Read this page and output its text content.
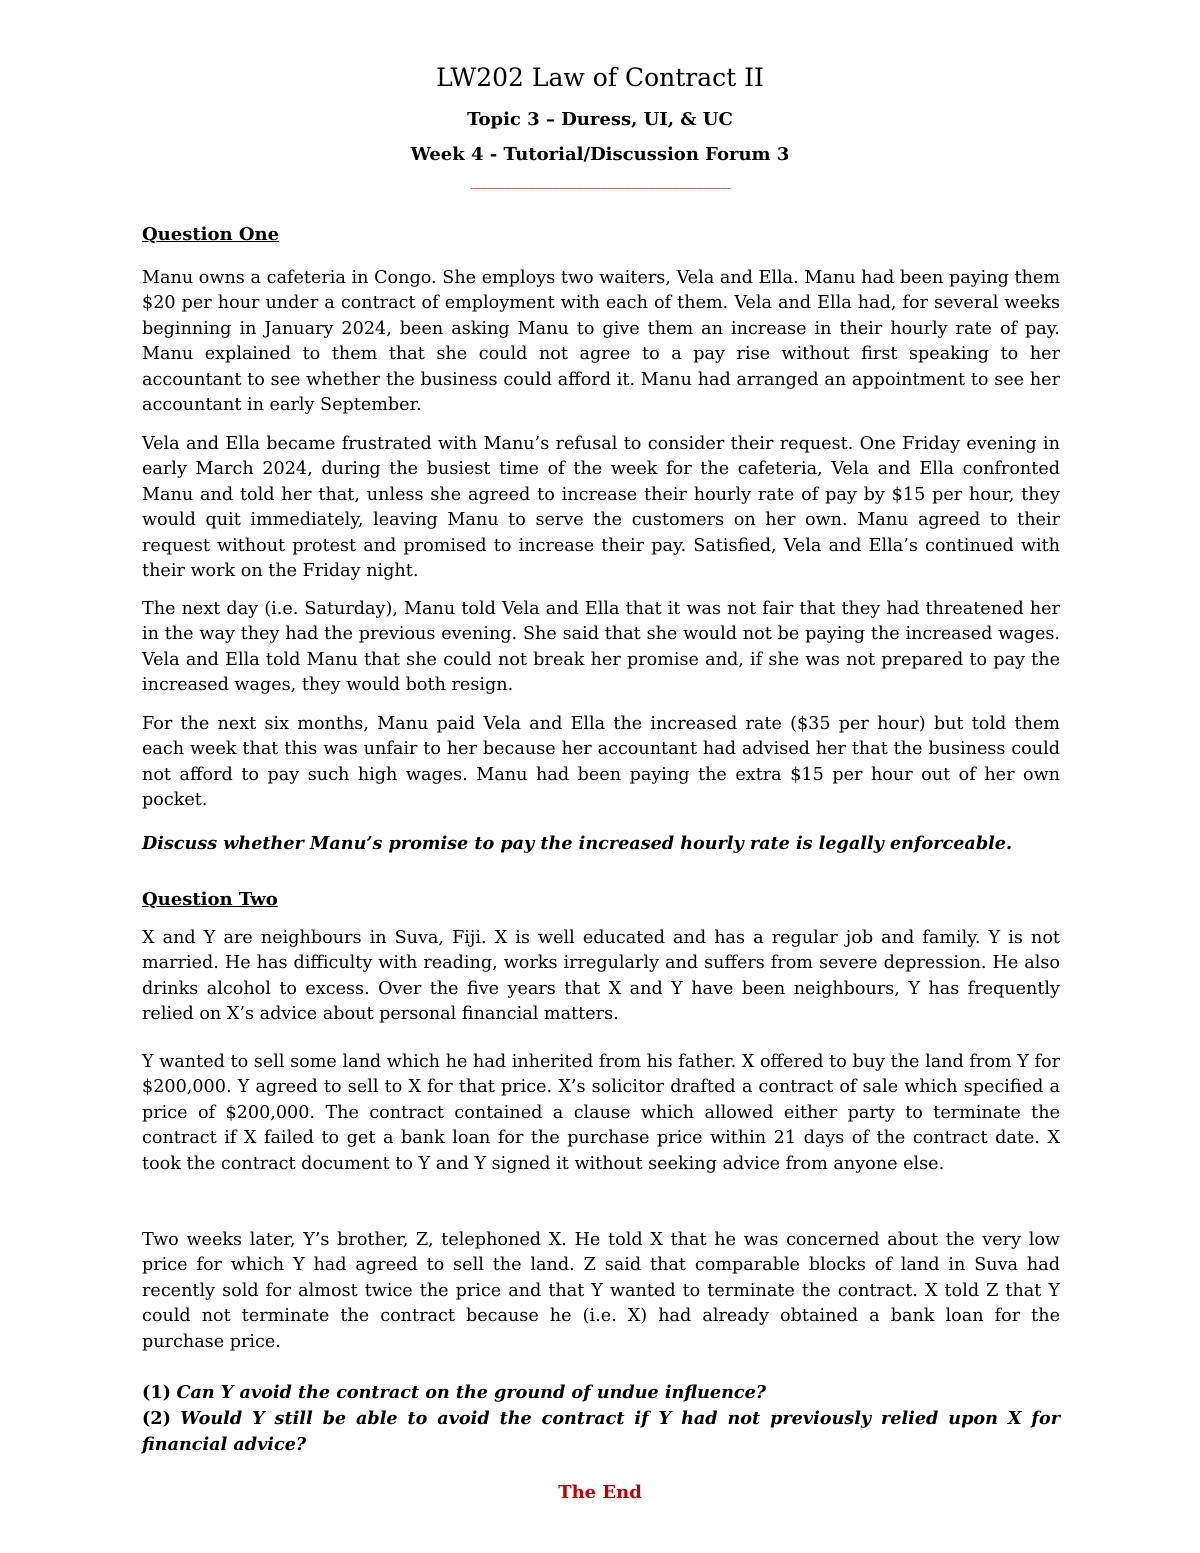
LW202 Law of Contract II
Topic 3 – Duress, UI, & UC
Week 4 - Tutorial/Discussion Forum 3
___________________________________________
Question One

Manu owns a cafeteria in Congo. She employs two waiters, Vela and Ella. Manu had been paying them $20 per hour under a contract of employment with each of them. Vela and Ella had, for several weeks beginning in January 2024, been asking Manu to give them an increase in their hourly rate of pay. Manu explained to them that she could not agree to a pay rise without first speaking to her accountant to see whether the business could afford it. Manu had arranged an appointment to see her accountant in early September.

Vela and Ella became frustrated with Manu’s refusal to consider their request. One Friday evening in early March 2024, during the busiest time of the week for the cafeteria, Vela and Ella confronted Manu and told her that, unless she agreed to increase their hourly rate of pay by $15 per hour, they would quit immediately, leaving Manu to serve the customers on her own. Manu agreed to their request without protest and promised to increase their pay. Satisfied, Vela and Ella’s continued with their work on the Friday night.

The next day (i.e. Saturday), Manu told Vela and Ella that it was not fair that they had threatened her in the way they had the previous evening. She said that she would not be paying the increased wages. Vela and Ella told Manu that she could not break her promise and, if she was not prepared to pay the increased wages, they would both resign.

For the next six months, Manu paid Vela and Ella the increased rate ($35 per hour) but told them each week that this was unfair to her because her accountant had advised her that the business could not afford to pay such high wages. Manu had been paying the extra $15 per hour out of her own pocket.

Discuss whether Manu’s promise to pay the increased hourly rate is legally enforceable.

Question Two

X and Y are neighbours in Suva, Fiji. X is well educated and has a regular job and family. Y is not married. He has difficulty with reading, works irregularly and suffers from severe depression. He also drinks alcohol to excess. Over the five years that X and Y have been neighbours, Y has frequently relied on X’s advice about personal financial matters.

Y wanted to sell some land which he had inherited from his father. X offered to buy the land from Y for $200,000. Y agreed to sell to X for that price. X’s solicitor drafted a contract of sale which specified a price of $200,000. The contract contained a clause which allowed either party to terminate the contract if X failed to get a bank loan for the purchase price within 21 days of the contract date. X took the contract document to Y and Y signed it without seeking advice from anyone else.

Two weeks later, Y’s brother, Z, telephoned X. He told X that he was concerned about the very low price for which Y had agreed to sell the land. Z said that comparable blocks of land in Suva had recently sold for almost twice the price and that Y wanted to terminate the contract. X told Z that Y could not terminate the contract because he (i.e. X) had already obtained a bank loan for the purchase price.

(1) Can Y avoid the contract on the ground of undue influence?

(2) Would Y still be able to avoid the contract if Y had not previously relied upon X for financial advice?

The End
